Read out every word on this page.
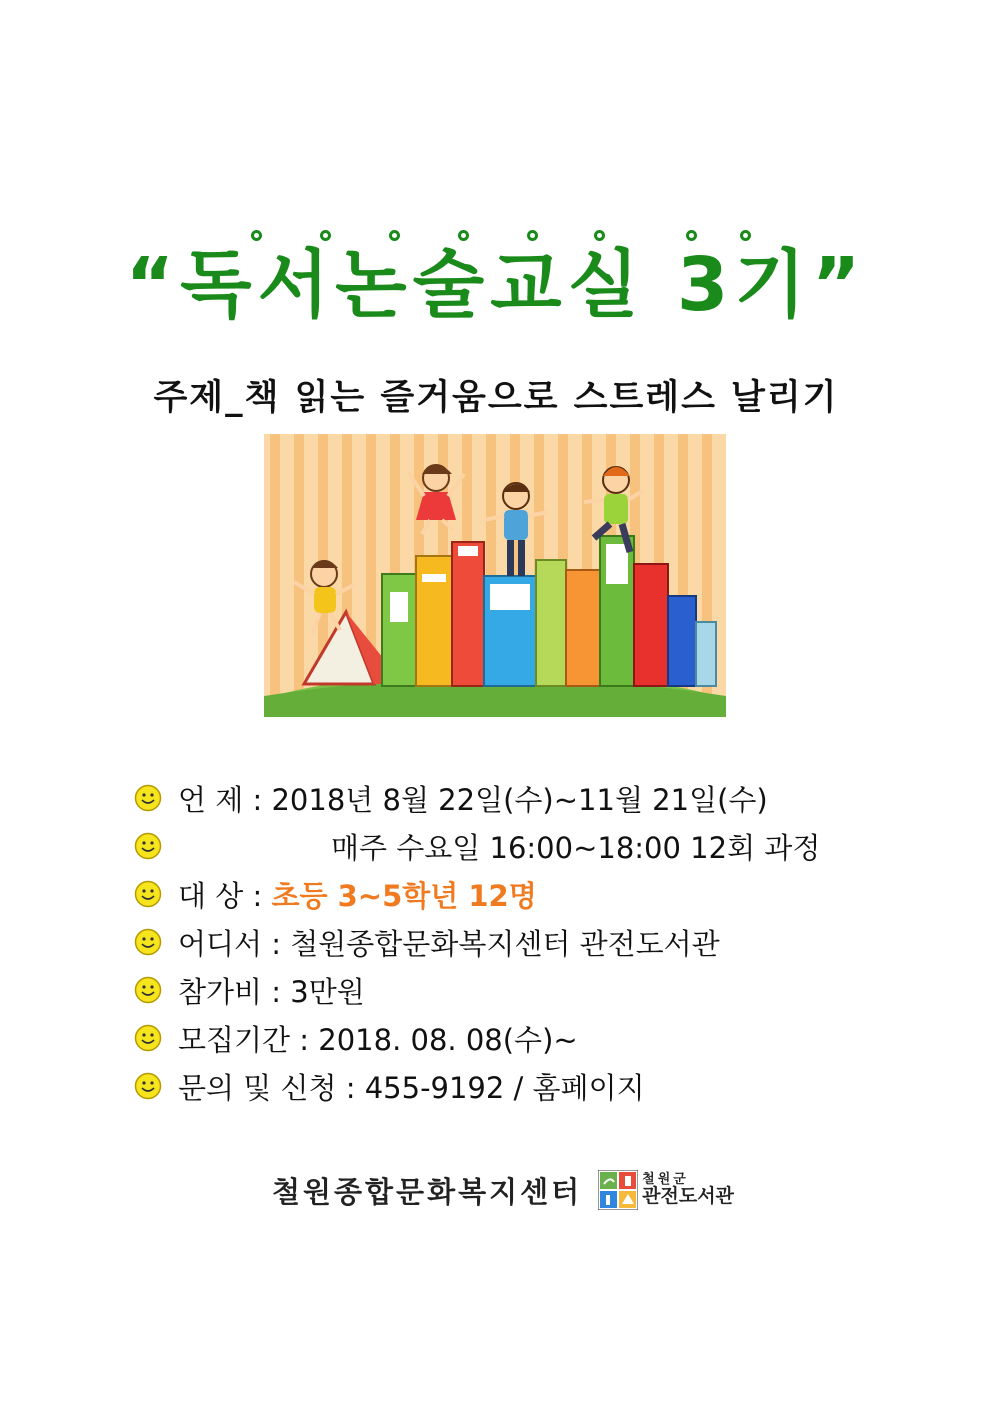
“독서논술교실 3기”
주제_책 읽는 즐거움으로 스트레스 날리기
언 제 :
2018년 8월 22일(수)~11월 21일(수)
매주 수요일 16:00~18:00 12회 과정
대 상 :
초등 3~5학년 12명
어디서 :
철원종합문화복지센터 관전도서관
참가비 :
3만원
모집기간 :
2018. 08. 08(수)~
문의 및 신청 :
455-9192 / 홈페이지
철원종합문화복지센터	철원군
관전도서관
